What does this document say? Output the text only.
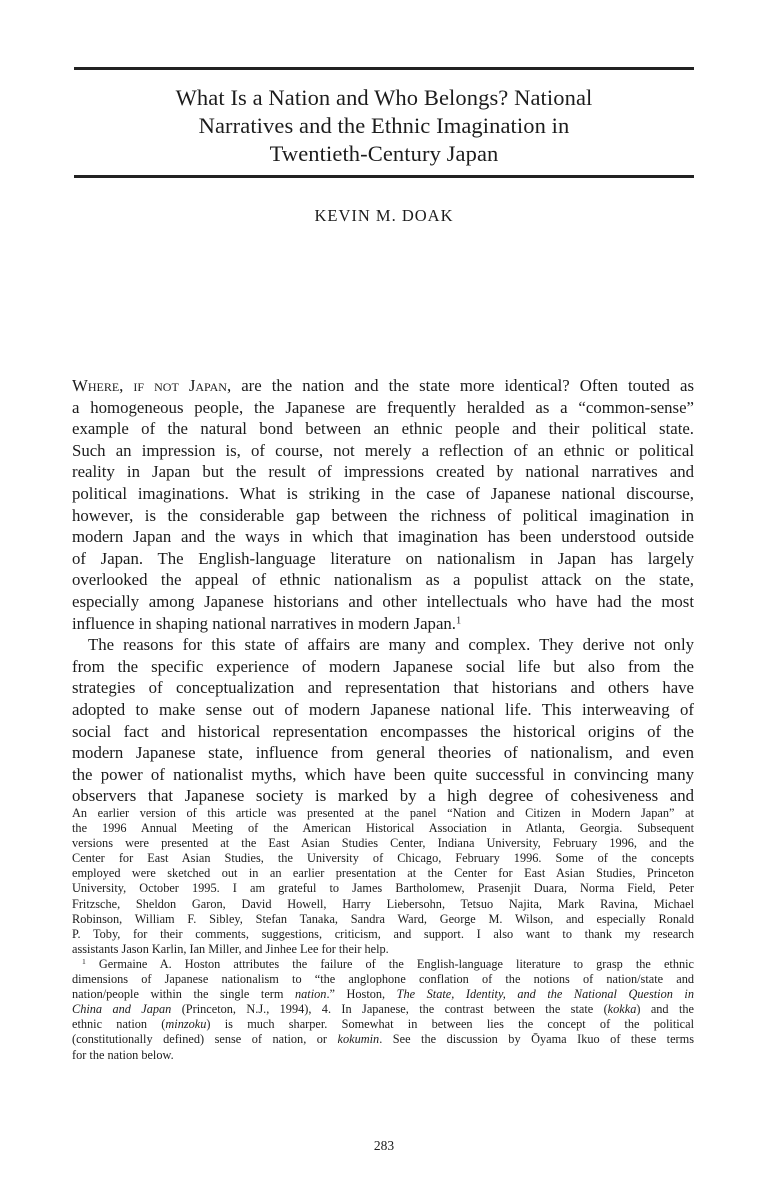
What Is a Nation and Who Belongs? National
Narratives and the Ethnic Imagination in
Twentieth-Century Japan
KEVIN M. DOAK
Where, if not Japan, are the nation and the state more identical? Often touted as
a homogeneous people, the Japanese are frequently heralded as a “common-sense”
example of the natural bond between an ethnic people and their political state.
Such an impression is, of course, not merely a reflection of an ethnic or political
reality in Japan but the result of impressions created by national narratives and
political imaginations. What is striking in the case of Japanese national discourse,
however, is the considerable gap between the richness of political imagination in
modern Japan and the ways in which that imagination has been understood outside
of Japan. The English-language literature on nationalism in Japan has largely
overlooked the appeal of ethnic nationalism as a populist attack on the state,
especially among Japanese historians and other intellectuals who have had the most
influence in shaping national narratives in modern Japan.$^1$
The reasons for this state of affairs are many and complex. They derive not only
from the specific experience of modern Japanese social life but also from the
strategies of conceptualization and representation that historians and others have
adopted to make sense out of modern Japanese national life. This interweaving of
social fact and historical representation encompasses the historical origins of the
modern Japanese state, influence from general theories of nationalism, and even
the power of nationalist myths, which have been quite successful in convincing many
observers that Japanese society is marked by a high degree of cohesiveness and
An earlier version of this article was presented at the panel “Nation and Citizen in Modern Japan” at
the 1996 Annual Meeting of the American Historical Association in Atlanta, Georgia. Subsequent
versions were presented at the East Asian Studies Center, Indiana University, February 1996, and the
Center for East Asian Studies, the University of Chicago, February 1996. Some of the concepts
employed were sketched out in an earlier presentation at the Center for East Asian Studies, Princeton
University, October 1995. I am grateful to James Bartholomew, Prasenjit Duara, Norma Field, Peter
Fritzsche, Sheldon Garon, David Howell, Harry Liebersohn, Tetsuo Najita, Mark Ravina, Michael
Robinson, William F. Sibley, Stefan Tanaka, Sandra Ward, George M. Wilson, and especially Ronald
P. Toby, for their comments, suggestions, criticism, and support. I also want to thank my research
assistants Jason Karlin, Ian Miller, and Jinhee Lee for their help.
$^1$ Germaine A. Hoston attributes the failure of the English-language literature to grasp the ethnic
dimensions of Japanese nationalism to “the anglophone conflation of the notions of nation/state and
nation/people within the single term nation.” Hoston, The State, Identity, and the National Question in
China and Japan (Princeton, N.J., 1994), 4. In Japanese, the contrast between the state (kokka) and the
ethnic nation (minzoku) is much sharper. Somewhat in between lies the concept of the political
(constitutionally defined) sense of nation, or kokumin. See the discussion by Ōyama Ikuo of these terms
for the nation below.
283
